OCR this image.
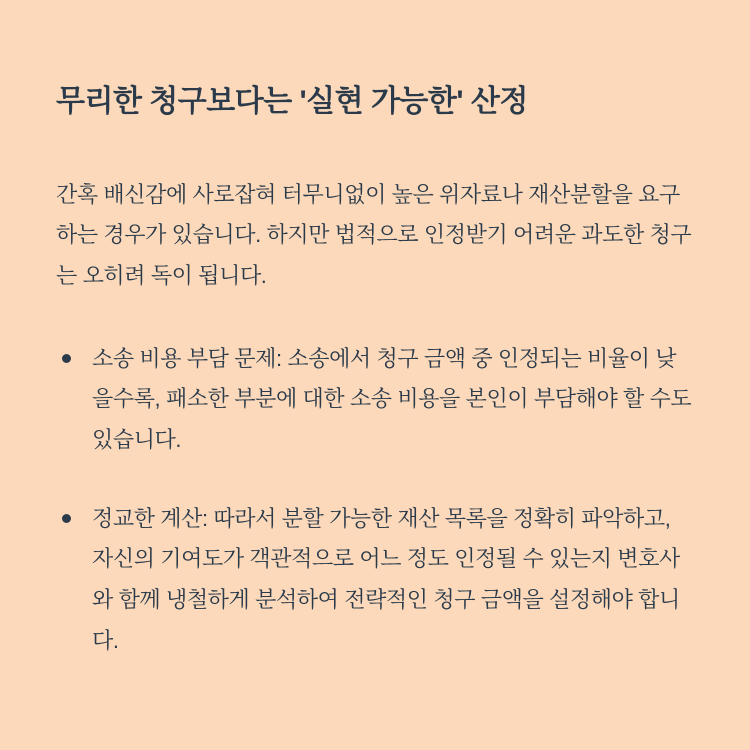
무리한 청구보다는 '실현 가능한' 산정

간혹 배신감에 사로잡혀 터무니없이 높은 위자료나 재산분할을 요구하는 경우가 있습니다. 하지만 법적으로 인정받기 어려운 과도한 청구는 오히려 독이 됩니다.

소송 비용 부담 문제: 소송에서 청구 금액 중 인정되는 비율이 낮을수록, 패소한 부분에 대한 소송 비용을 본인이 부담해야 할 수도 있습니다.
정교한 계산: 따라서 분할 가능한 재산 목록을 정확히 파악하고, 자신의 기여도가 객관적으로 어느 정도 인정될 수 있는지 변호사와 함께 냉철하게 분석하여 전략적인 청구 금액을 설정해야 합니다.
